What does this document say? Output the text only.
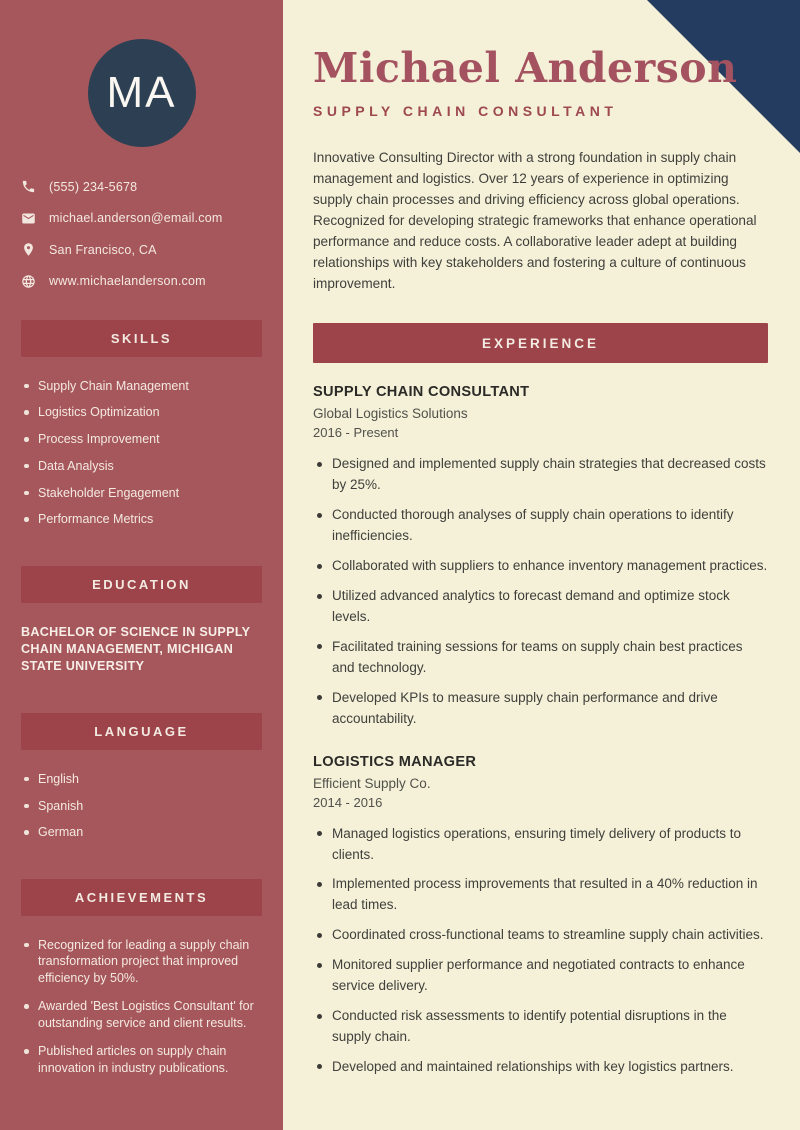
MA
(555) 234-5678
michael.anderson@email.com
San Francisco, CA
www.michaelanderson.com
SKILLS
Supply Chain Management
Logistics Optimization
Process Improvement
Data Analysis
Stakeholder Engagement
Performance Metrics
EDUCATION

BACHELOR OF SCIENCE IN SUPPLY CHAIN MANAGEMENT, MICHIGAN STATE UNIVERSITY

LANGUAGE
English
Spanish
German
ACHIEVEMENTS
Recognized for leading a supply chain transformation project that improved efficiency by 50%.
Awarded 'Best Logistics Consultant' for outstanding service and client results.
Published articles on supply chain innovation in industry publications.
Michael Anderson
SUPPLY CHAIN CONSULTANT

Innovative Consulting Director with a strong foundation in supply chain management and logistics. Over 12 years of experience in optimizing supply chain processes and driving efficiency across global operations. Recognized for developing strategic frameworks that enhance operational performance and reduce costs. A collaborative leader adept at building relationships with key stakeholders and fostering a culture of continuous improvement.

EXPERIENCE
SUPPLY CHAIN CONSULTANT
Global Logistics Solutions
2016 - Present
Designed and implemented supply chain strategies that decreased costs by 25%.
Conducted thorough analyses of supply chain operations to identify inefficiencies.
Collaborated with suppliers to enhance inventory management practices.
Utilized advanced analytics to forecast demand and optimize stock levels.
Facilitated training sessions for teams on supply chain best practices and technology.
Developed KPIs to measure supply chain performance and drive accountability.
LOGISTICS MANAGER
Efficient Supply Co.
2014 - 2016
Managed logistics operations, ensuring timely delivery of products to clients.
Implemented process improvements that resulted in a 40% reduction in lead times.
Coordinated cross-functional teams to streamline supply chain activities.
Monitored supplier performance and negotiated contracts to enhance service delivery.
Conducted risk assessments to identify potential disruptions in the supply chain.
Developed and maintained relationships with key logistics partners.
